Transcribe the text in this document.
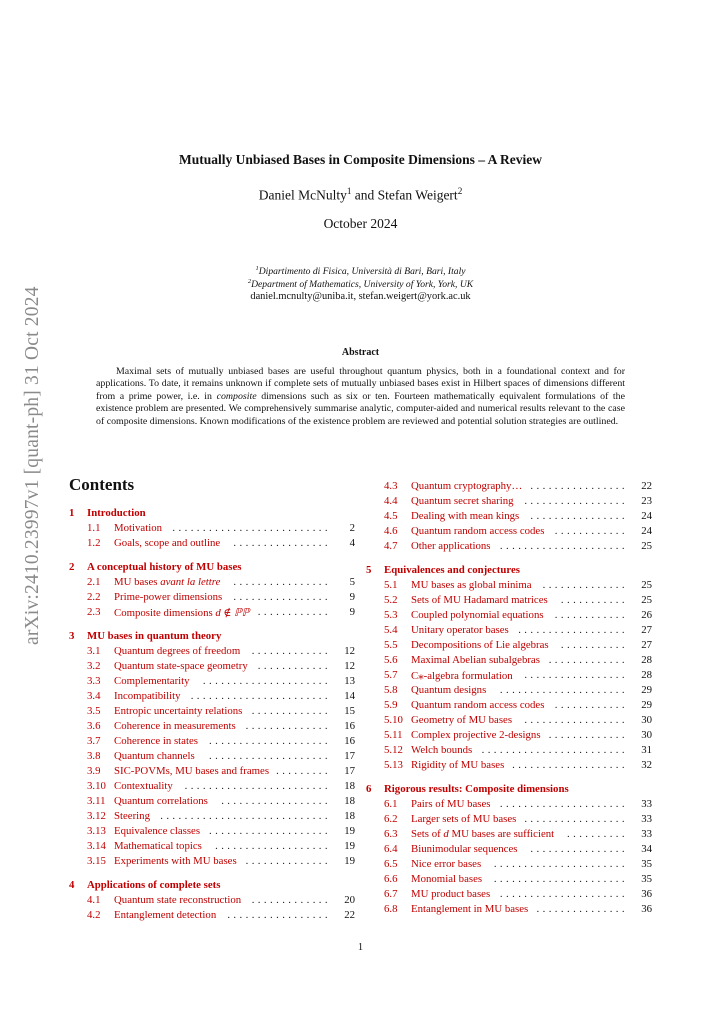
arXiv:2410.23997v1 [quant-ph] 31 Oct 2024
Mutually Unbiased Bases in Composite Dimensions – A Review
Daniel McNulty$^1$ and Stefan Weigert$^2$
October 2024
$^1$Dipartimento di Fisica, Università di Bari, Bari, Italy
$^2$Department of Mathematics, University of York, York, UK
daniel.mcnulty@uniba.it, stefan.weigert@york.ac.uk
Abstract
Maximal sets of mutually unbiased bases are useful throughout quantum physics, both in a foundational context and for applications. To date, it remains unknown if complete sets of mutually unbiased bases exist in Hilbert spaces of dimensions different from a prime power, i.e. in composite dimensions such as six or ten. Fourteen mathematically equivalent formulations of the existence problem are presented. We comprehensively summarise analytic, computer-aided and numerical results relevant to the case of composite dimensions. Known modifications of the existence problem are reviewed and potential solution strategies are outlined.
Contents
1 Introduction
1.1 Motivation .......................... 2
1.2 Goals, scope and outline	................ 4
2 A conceptual history of MU bases
2.1 MU bases avant la lettre	................ 5
2.2 Prime-power dimensions	................ 9
2.3 Composite dimensions d ∉ ℙℙ ............ 9
3 MU bases in quantum theory
3.1 Quantum degrees of freedom	............. 12
3.2 Quantum state-space geometry ............ 12
3.3 Complementarity	..................... 13
3.4 Incompatibility ....................... 14
3.5 Entropic uncertainty relations ............. 15
3.6 Coherence in measurements .............. 16
3.7 Coherence in states	.................... 16
3.8 Quantum channels	.................... 17
3.9 SIC-POVMs, MU bases and frames ......... 17
3.10 Contextuality	........................ 18
3.11 Quantum correlations	.................. 18
3.12 Steering ............................ 18
3.13 Equivalence classes .................... 19
3.14 Mathematical topics	................... 19
3.15 Experiments with MU bases .............. 19
4 Applications of complete sets
4.1 Quantum state reconstruction ............. 20
4.2 Entanglement detection	................. 22
4.3 Quantum cryptography… ................ 22
4.4 Quantum secret sharing ................. 23
4.5 Dealing with mean kings	................ 24
4.6 Quantum random access codes ............ 24
4.7 Other applications ..................... 25
5 Equivalences and conjectures
5.1 MU bases as global minima	.............. 25
5.2 Sets of MU Hadamard matrices	........... 25
5.3 Coupled polynomial equations	............ 26
5.4 Unitary operator bases .................. 27
5.5 Decompositions of Lie algebras	........... 27
5.6 Maximal Abelian subalgebras ............. 28
5.7 C⁎-algebra formulation	................. 28
5.8 Quantum designs	..................... 29
5.9 Quantum random access codes ............ 29
5.10 Geometry of MU bases	................. 30
5.11 Complex projective 2-designs ............. 30
5.12 Welch bounds ........................ 31
5.13 Rigidity of MU bases ................... 32
6 Rigorous results: Composite dimensions
6.1 Pairs of MU bases ..................... 33
6.2 Larger sets of MU bases ................. 33
6.3 Sets of d MU bases are sufficient	.......... 33
6.4 Biunimodular sequences	................ 34
6.5 Nice error bases	...................... 35
6.6 Monomial bases	...................... 35
6.7 MU product bases ..................... 36
6.8 Entanglement in MU bases ............... 36
1
